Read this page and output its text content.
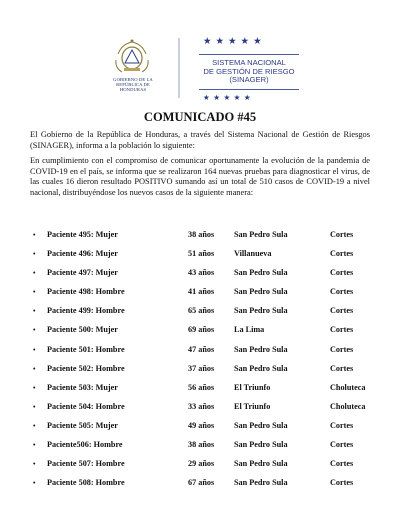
GOBIERNO DE LA
REPÚBLICA DE HONDURAS
★★★★★
SISTEMA NACIONAL
DE GESTIÓN DE RIESGO
(SINAGER)
★★★★★
COMUNICADO #45
El Gobierno de la República de Honduras, a través del Sistema Nacional de Gestión de Riesgos (SINAGER), informa a la población lo siguiente:
En cumplimiento con el compromiso de comunicar oportunamente la evolución de la pandemia de COVID-19 en el país, se informa que se realizaron 164 nuevas pruebas para diagnosticar el virus, de las cuales 16 dieron resultado POSITIVO sumando así un total de 510 casos de COVID-19 a nivel nacional, distribuyéndose los nuevos casos de la siguiente manera:
• Paciente 495: Mujer	38 años San Pedro Sula	Cortes
• Paciente 496: Mujer	51 años Villanueva	Cortes
• Paciente 497: Mujer	43 años San Pedro Sula	Cortes
• Paciente 498: Hombre	41 años San Pedro Sula	Cortes
• Paciente 499: Hombre	65 años San Pedro Sula	Cortes
• Paciente 500: Mujer	69 años La Lima	Cortes
• Paciente 501: Hombre	47 años San Pedro Sula	Cortes
• Paciente 502: Hombre	37 años San Pedro Sula	Cortes
• Paciente 503: Mujer	56 años El Triunfo	Choluteca
• Paciente 504: Hombre	33 años El Triunfo	Choluteca
• Paciente 505: Mujer	49 años San Pedro Sula	Cortes
• Paciente506: Hombre	38 años San Pedro Sula	Cortes
• Paciente 507: Hombre	29 años San Pedro Sula	Cortes
• Paciente 508: Hombre	67 años San Pedro Sula	Cortes
